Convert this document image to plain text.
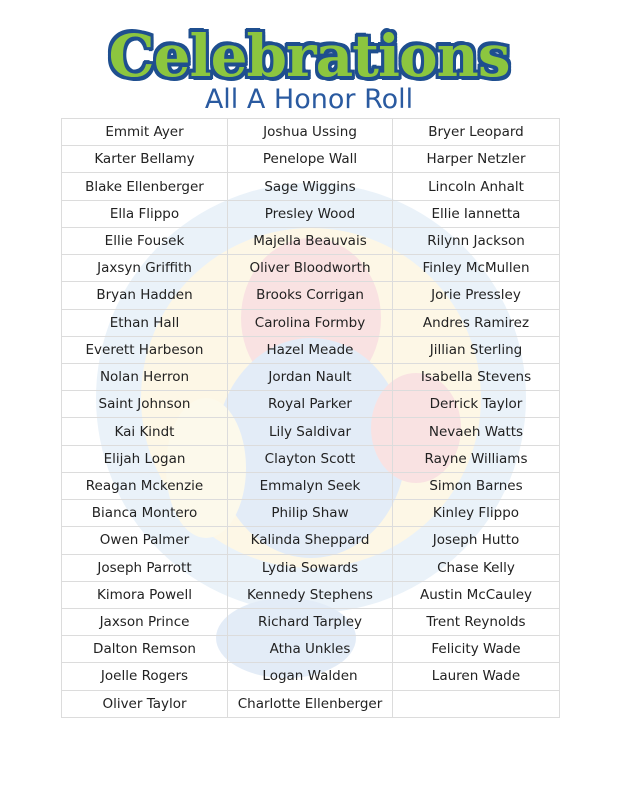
Celebrations
All A Honor Roll
Emmit Ayer	Joshua Ussing	Bryer Leopard
Karter Bellamy	Penelope Wall	Harper Netzler
Blake Ellenberger	Sage Wiggins	Lincoln Anhalt
Ella Flippo	Presley Wood	Ellie Iannetta
Ellie Fousek	Majella Beauvais	Rilynn Jackson
Jaxsyn Griffith	Oliver Bloodworth	Finley McMullen
Bryan Hadden	Brooks Corrigan	Jorie Pressley
Ethan Hall	Carolina Formby	Andres Ramirez
Everett Harbeson	Hazel Meade	Jillian Sterling
Nolan Herron	Jordan Nault	Isabella Stevens
Saint Johnson	Royal Parker	Derrick Taylor
Kai Kindt	Lily Saldivar	Nevaeh Watts
Elijah Logan	Clayton Scott	Rayne Williams
Reagan Mckenzie	Emmalyn Seek	Simon Barnes
Bianca Montero	Philip Shaw	Kinley Flippo
Owen Palmer	Kalinda Sheppard	Joseph Hutto
Joseph Parrott	Lydia Sowards	Chase Kelly
Kimora Powell	Kennedy Stephens	Austin McCauley
Jaxson Prince	Richard Tarpley	Trent Reynolds
Dalton Remson	Atha Unkles	Felicity Wade
Joelle Rogers	Logan Walden	Lauren Wade
Oliver Taylor	Charlotte Ellenberger	
